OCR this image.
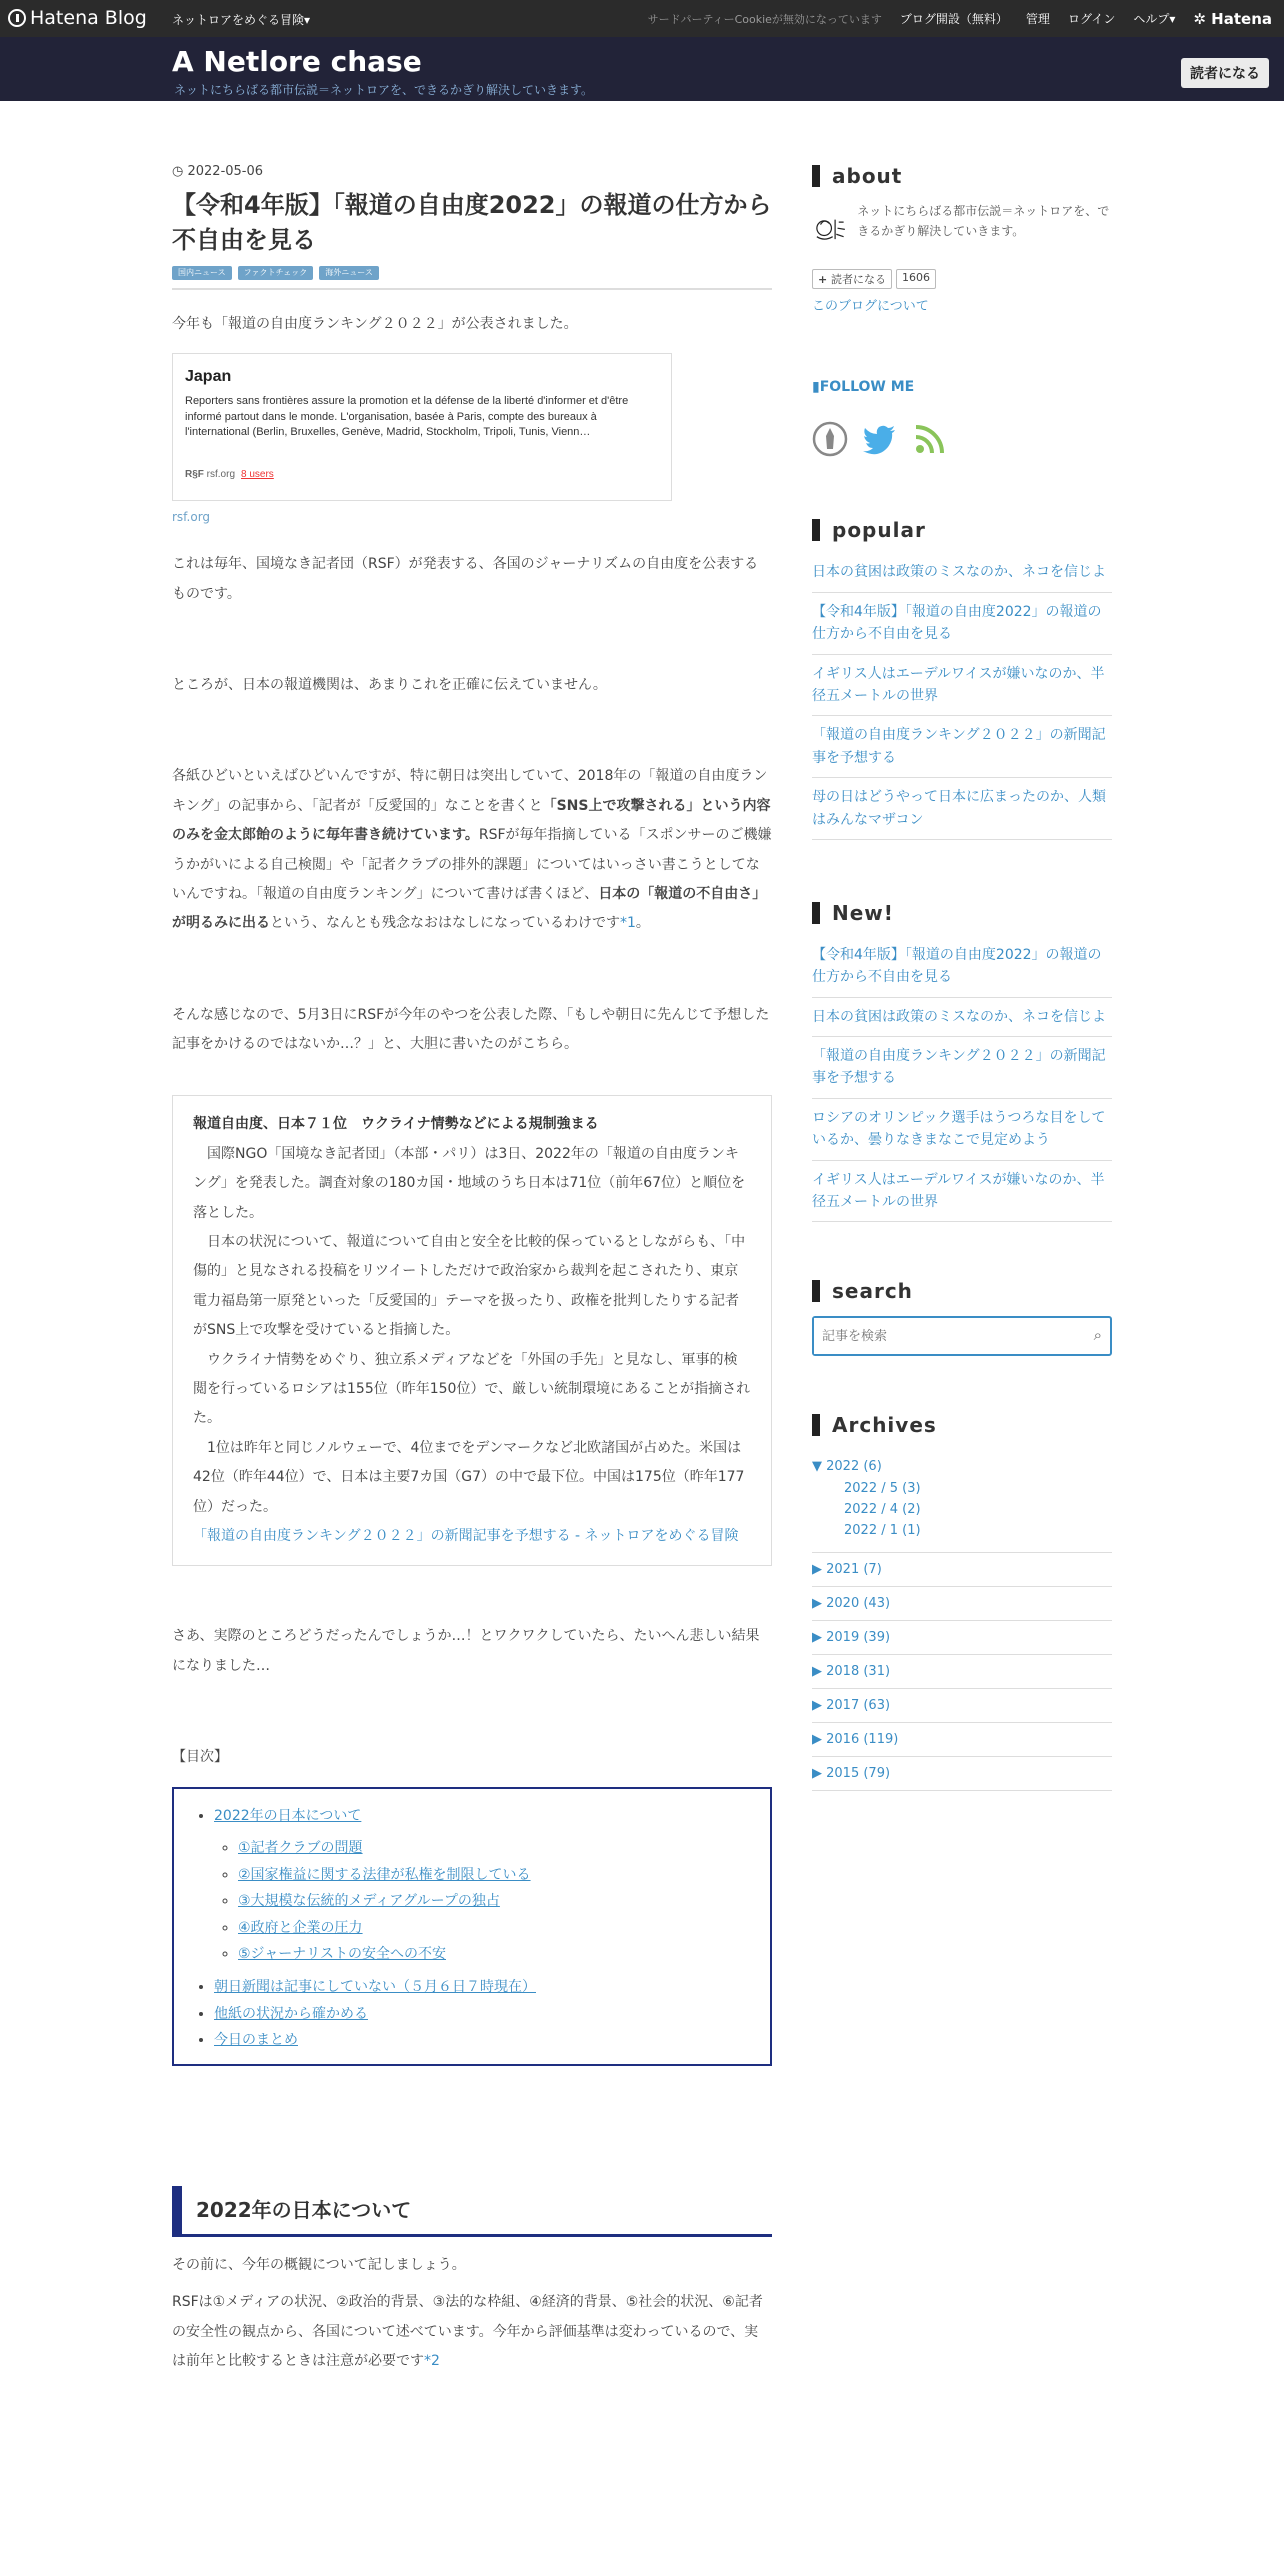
Hatena Blog ネットロアをめぐる冒険▾	サードパーティーCookieが無効になっています ブログ開設（無料） 管理 ログイン ヘルプ▾ ✲ Hatena
A Netlore chase
ネットにちらばる都市伝説＝ネットロアを、できるかぎり解決していきます。
読者になる
◷ 2022-05-06
【令和4年版】「報道の自由度2022」の報道の仕方から不自由を見る
国内ニュース	ファクトチェック	海外ニュース
今年も「報道の自由度ランキング２０２２」が公表されました。
Japan
Reporters sans frontières assure la promotion et la défense de la liberté d'informer et d'être informé partout dans le monde. L'organisation, basée à Paris, compte des bureaux à l'international (Berlin, Bruxelles, Genève, Madrid, Stockholm, Tripoli, Tunis, Vienn…
R§F rsf.org 8 users
rsf.org
これは毎年、国境なき記者団（RSF）が発表する、各国のジャーナリズムの自由度を公表するものです。
ところが、日本の報道機関は、あまりこれを正確に伝えていません。
各紙ひどいといえばひどいんですが、特に朝日は突出していて、2018年の「報道の自由度ランキング」の記事から、「記者が「反愛国的」なことを書くと「SNS上で攻撃される」という内容のみを金太郎飴のように毎年書き続けています。RSFが毎年指摘している「スポンサーのご機嫌うかがいによる自己検閲」や「記者クラブの排外的課題」についてはいっさい書こうとしてないんですね。「報道の自由度ランキング」について書けば書くほど、日本の「報道の不自由さ」が明るみに出るという、なんとも残念なおはなしになっているわけです*1。
そんな感じなので、5月3日にRSFが今年のやつを公表した際、「もしや朝日に先んじて予想した記事をかけるのではないか…？」と、大胆に書いたのがこちら。
報道自由度、日本７１位　ウクライナ情勢などによる規制強まる
　国際NGO「国境なき記者団」（本部・パリ）は3日、2022年の「報道の自由度ランキング」を発表した。調査対象の180カ国・地域のうち日本は71位（前年67位）と順位を落とした。
　日本の状況について、報道について自由と安全を比較的保っているとしながらも、「中傷的」と見なされる投稿をリツイートしただけで政治家から裁判を起こされたり、東京電力福島第一原発といった「反愛国的」テーマを扱ったり、政権を批判したりする記者がSNS上で攻撃を受けていると指摘した。
　ウクライナ情勢をめぐり、独立系メディアなどを「外国の手先」と見なし、軍事的検閲を行っているロシアは155位（昨年150位）で、厳しい統制環境にあることが指摘された。
　1位は昨年と同じノルウェーで、4位までをデンマークなど北欧諸国が占めた。米国は42位（昨年44位）で、日本は主要7カ国（G7）の中で最下位。中国は175位（昨年177位）だった。
「報道の自由度ランキング２０２２」の新聞記事を予想する - ネットロアをめぐる冒険
さあ、実際のところどうだったんでしょうか…！とワクワクしていたら、たいへん悲しい結果になりました…
【目次】
• 2022年の日本について
◦ ①記者クラブの問題
◦ ②国家権益に関する法律が私権を制限している
◦ ③大規模な伝統的メディアグループの独占
◦ ④政府と企業の圧力
◦ ⑤ジャーナリストの安全への不安
• 朝日新聞は記事にしていない（５月６日７時現在）
• 他紙の状況から確かめる
• 今日のまとめ
2022年の日本について
その前に、今年の概観について記しましょう。
RSFは①メディアの状況、②政治的背景、③法的な枠組、④経済的背景、⑤社会的状況、⑥記者の安全性の観点から、各国について述べています。今年から評価基準は変わっているので、実は前年と比較するときは注意が必要です*2
about
ネットにちらばる都市伝説＝ネットロアを、できるかぎり解決していきます。
+ 読者になる	1606
このブログについて
▮FOLLOW ME
popular
日本の貧困は政策のミスなのか、ネコを信じよ
【令和4年版】「報道の自由度2022」の報道の仕方から不自由を見る
イギリス人はエーデルワイスが嫌いなのか、半径五メートルの世界
「報道の自由度ランキング２０２２」の新聞記事を予想する
母の日はどうやって日本に広まったのか、人類はみんなマザコン
New!
【令和4年版】「報道の自由度2022」の報道の仕方から不自由を見る
日本の貧困は政策のミスなのか、ネコを信じよ
「報道の自由度ランキング２０２２」の新聞記事を予想する
ロシアのオリンピック選手はうつろな目をしているか、曇りなきまなこで見定めよう
イギリス人はエーデルワイスが嫌いなのか、半径五メートルの世界
search
記事を検索
⌕
Archives
▼ 2022 (6)
2022 / 5 (3)
2022 / 4 (2)
2022 / 1 (1)
▶ 2021 (7)
▶ 2020 (43)
▶ 2019 (39)
▶ 2018 (31)
▶ 2017 (63)
▶ 2016 (119)
▶ 2015 (79)
